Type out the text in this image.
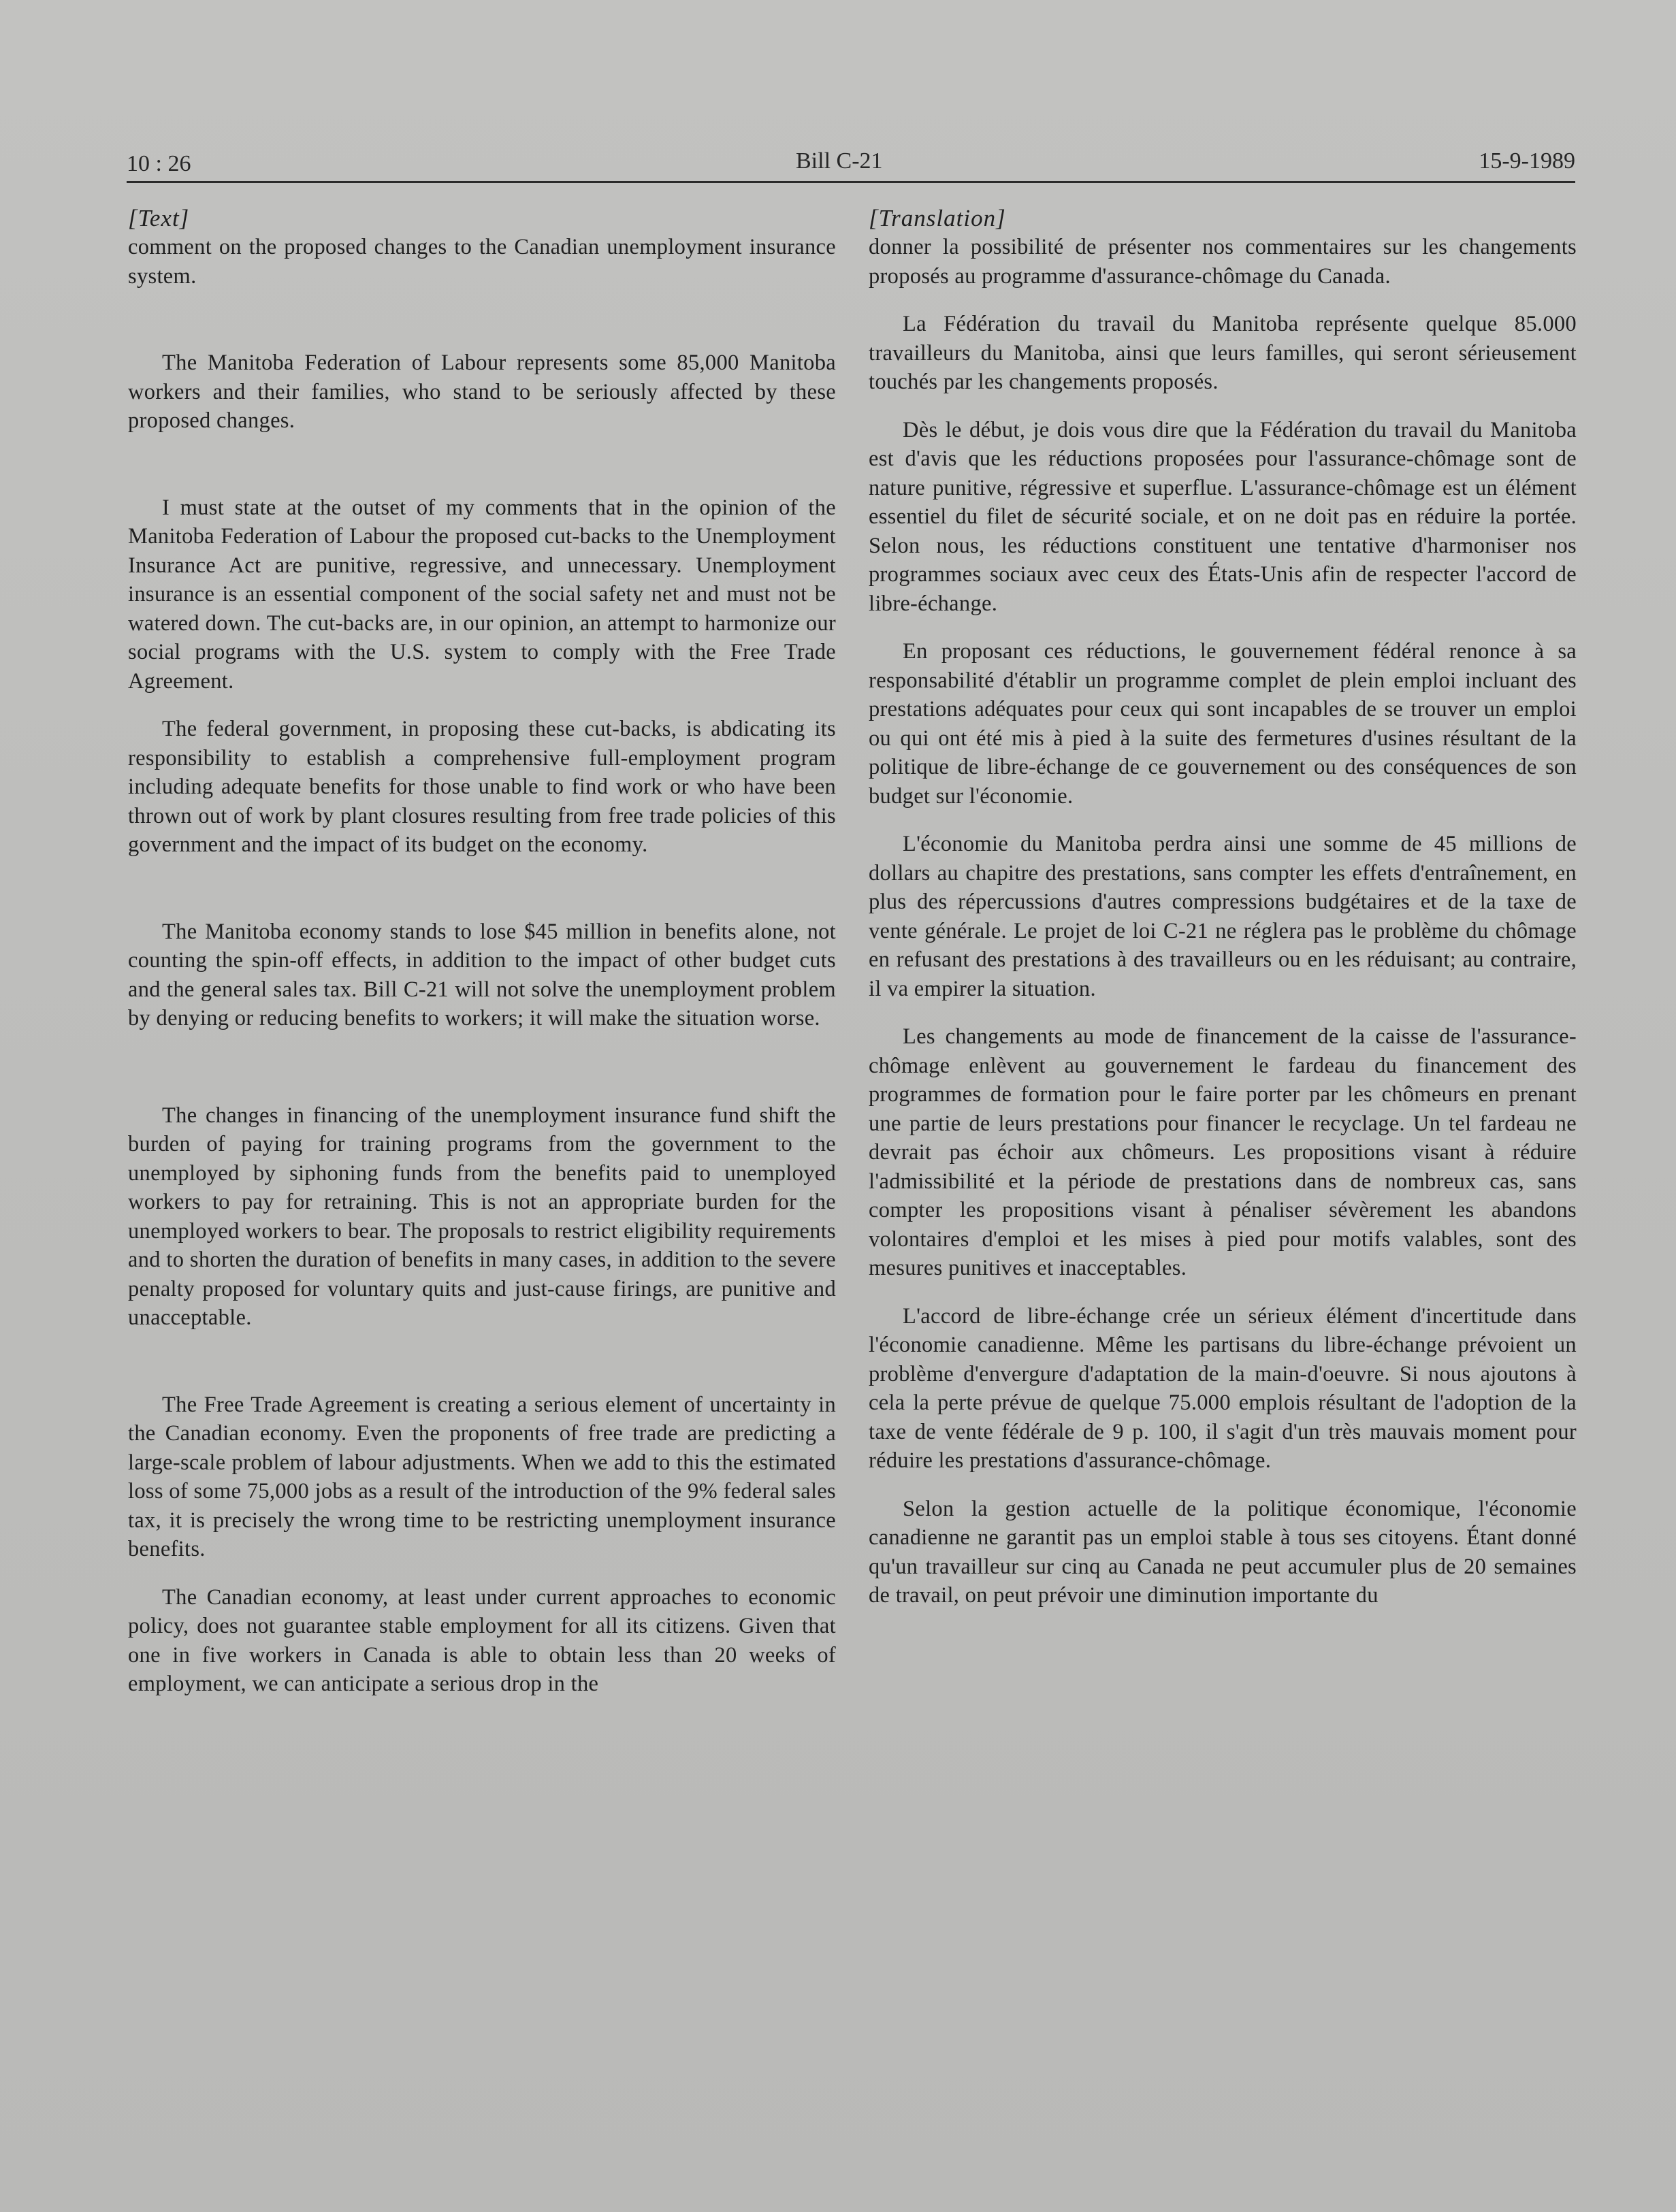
10 : 26	Bill C-21	15-9-1989

[Text]

comment on the proposed changes to the Canadian unemployment insurance system.

The Manitoba Federation of Labour represents some 85,000 Manitoba workers and their families, who stand to be seriously affected by these proposed changes.

I must state at the outset of my comments that in the opinion of the Manitoba Federation of Labour the proposed cut-backs to the Unemployment Insurance Act are punitive, regressive, and unnecessary. Unemployment insurance is an essential component of the social safety net and must not be watered down. The cut-backs are, in our opinion, an attempt to harmonize our social programs with the U.S. system to comply with the Free Trade Agreement.

The federal government, in proposing these cut-backs, is abdicating its responsibility to establish a comprehensive full-employment program including adequate benefits for those unable to find work or who have been thrown out of work by plant closures resulting from free trade policies of this government and the impact of its budget on the economy.

The Manitoba economy stands to lose $45 million in benefits alone, not counting the spin-off effects, in addition to the impact of other budget cuts and the general sales tax. Bill C-21 will not solve the unemployment problem by denying or reducing benefits to workers; it will make the situation worse.

The changes in financing of the unemployment insurance fund shift the burden of paying for training programs from the government to the unemployed by siphoning funds from the benefits paid to unemployed workers to pay for retraining. This is not an appropriate burden for the unemployed workers to bear. The proposals to restrict eligibility requirements and to shorten the duration of benefits in many cases, in addition to the severe penalty proposed for voluntary quits and just-cause firings, are punitive and unacceptable.

The Free Trade Agreement is creating a serious element of uncertainty in the Canadian economy. Even the proponents of free trade are predicting a large-scale problem of labour adjustments. When we add to this the estimated loss of some 75,000 jobs as a result of the introduction of the 9% federal sales tax, it is precisely the wrong time to be restricting unemployment insurance benefits.

The Canadian economy, at least under current approaches to economic policy, does not guarantee stable employment for all its citizens. Given that one in five workers in Canada is able to obtain less than 20 weeks of employment, we can anticipate a serious drop in the

[Translation]

donner la possibilité de présenter nos commentaires sur les changements proposés au programme d'assurance-chômage du Canada.

La Fédération du travail du Manitoba représente quelque 85.000 travailleurs du Manitoba, ainsi que leurs familles, qui seront sérieusement touchés par les changements proposés.

Dès le début, je dois vous dire que la Fédération du travail du Manitoba est d'avis que les réductions proposées pour l'assurance-chômage sont de nature punitive, régressive et superflue. L'assurance-chômage est un élément essentiel du filet de sécurité sociale, et on ne doit pas en réduire la portée. Selon nous, les réductions constituent une tentative d'harmoniser nos programmes sociaux avec ceux des États-Unis afin de respecter l'accord de libre-échange.

En proposant ces réductions, le gouvernement fédéral renonce à sa responsabilité d'établir un programme complet de plein emploi incluant des prestations adéquates pour ceux qui sont incapables de se trouver un emploi ou qui ont été mis à pied à la suite des fermetures d'usines résultant de la politique de libre-échange de ce gouvernement ou des conséquences de son budget sur l'économie.

L'économie du Manitoba perdra ainsi une somme de 45 millions de dollars au chapitre des prestations, sans compter les effets d'entraînement, en plus des répercussions d'autres compressions budgétaires et de la taxe de vente générale. Le projet de loi C-21 ne réglera pas le problème du chômage en refusant des prestations à des travailleurs ou en les réduisant; au contraire, il va empirer la situation.

Les changements au mode de financement de la caisse de l'assurance-chômage enlèvent au gouvernement le fardeau du financement des programmes de formation pour le faire porter par les chômeurs en prenant une partie de leurs prestations pour financer le recyclage. Un tel fardeau ne devrait pas échoir aux chômeurs. Les propositions visant à réduire l'admissibilité et la période de prestations dans de nombreux cas, sans compter les propositions visant à pénaliser sévèrement les abandons volontaires d'emploi et les mises à pied pour motifs valables, sont des mesures punitives et inacceptables.

L'accord de libre-échange crée un sérieux élément d'incertitude dans l'économie canadienne. Même les partisans du libre-échange prévoient un problème d'envergure d'adaptation de la main-d'oeuvre. Si nous ajoutons à cela la perte prévue de quelque 75.000 emplois résultant de l'adoption de la taxe de vente fédérale de 9 p. 100, il s'agit d'un très mauvais moment pour réduire les prestations d'assurance-chômage.

Selon la gestion actuelle de la politique économique, l'économie canadienne ne garantit pas un emploi stable à tous ses citoyens. Étant donné qu'un travailleur sur cinq au Canada ne peut accumuler plus de 20 semaines de travail, on peut prévoir une diminution importante du
